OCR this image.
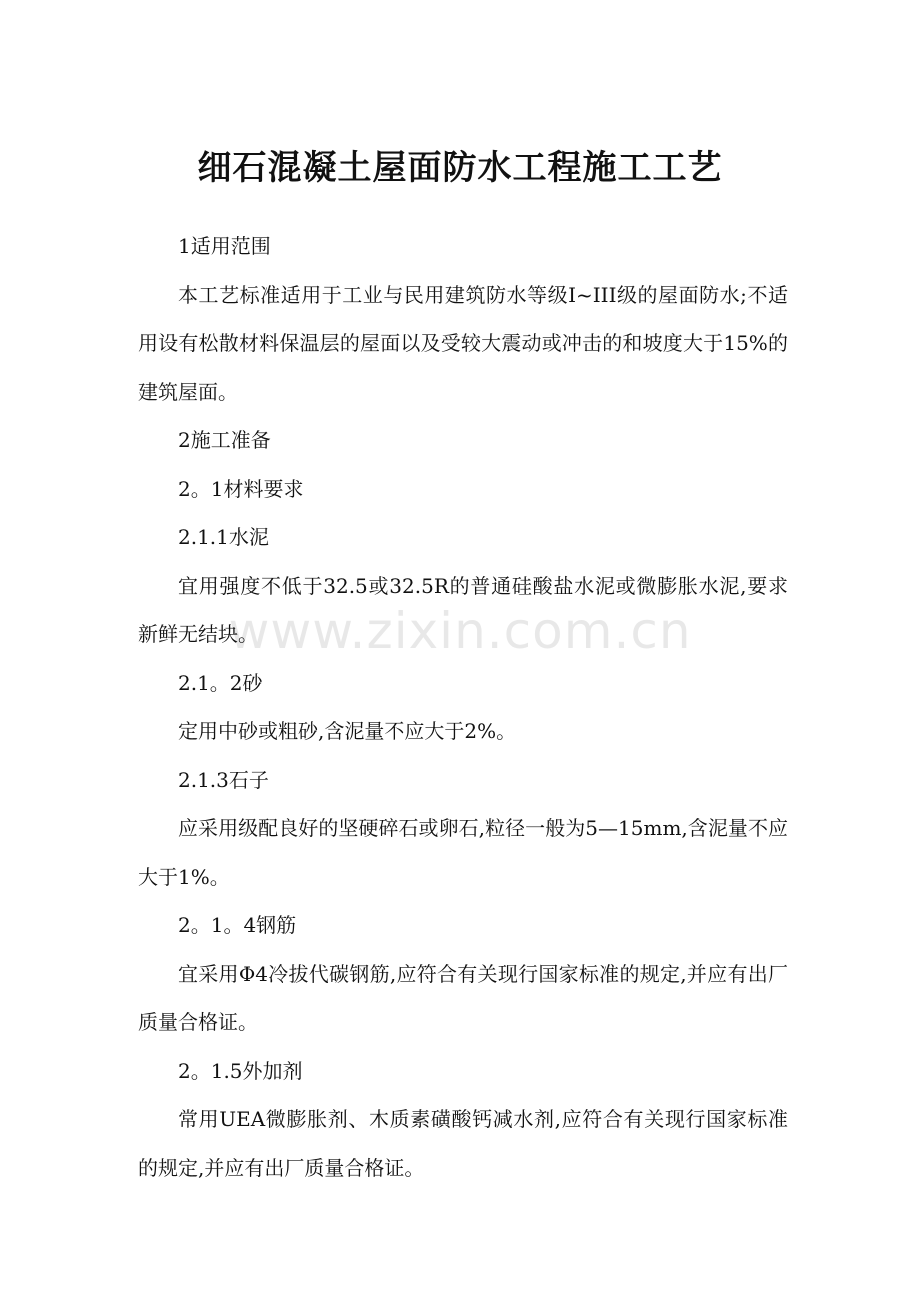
细石混凝土屋面防水工程施工工艺

1适用范围

本工艺标准适用于工业与民用建筑防水等级I~III级的屋面防水;不适用设有松散材料保温层的屋面以及受较大震动或冲击的和坡度大于15%的建筑屋面。

2施工准备

2。1材料要求

2.1.1水泥

宜用强度不低于32.5或32.5R的普通硅酸盐水泥或微膨胀水泥,要求新鲜无结块。

2.1。2砂

定用中砂或粗砂,含泥量不应大于2%。

2.1.3石子

应采用级配良好的坚硬碎石或卵石,粒径一般为5—15mm,含泥量不应大于1%。

2。1。4钢筋

宜采用Φ4冷拔代碳钢筋,应符合有关现行国家标准的规定,并应有出厂质量合格证。

2。1.5外加剂

常用UEA微膨胀剂、木质素磺酸钙减水剂,应符合有关现行国家标准的规定,并应有出厂质量合格证。

www.zixin.com.cn
